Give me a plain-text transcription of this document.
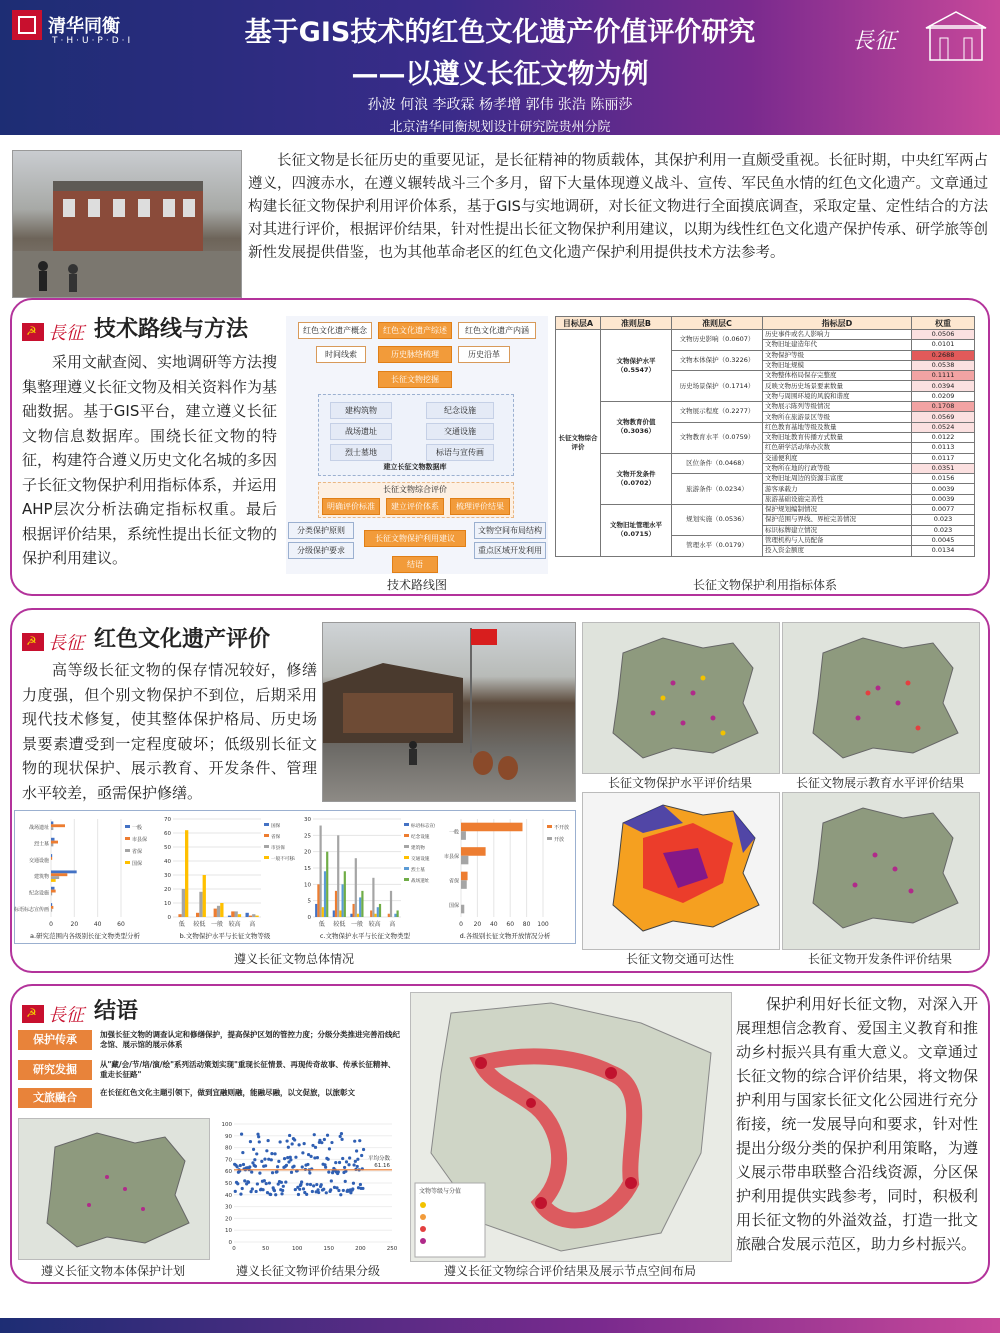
清华同衡
T·H·U·P·D·I	基于GIS技术的红色文化遗产价值评价研究
——以遵义长征文物为例
孙波 何浪 李政霖 杨孝增 郭伟 张浩 陈丽莎
北京清华同衡规划设计研究院贵州分院
長征
长征文物是长征历史的重要见证，是长征精神的物质载体，其保护利用一直颇受重视。长征时期，中央红军两占遵义，四渡赤水，在遵义辗转战斗三个多月，留下大量体现遵义战斗、宣传、军民鱼水情的红色文化遗产。文章通过构建长征文物保护利用评价体系，基于GIS与实地调研，对长征文物进行全面摸底调查，采取定量、定性结合的方法对其进行评价，根据评价结果，针对性提出长征文物保护利用建议，以期为线性红色文化遗产保护传承、研学旅等创新性发展提供借鉴，也为其他革命老区的红色文化遗产保护利用提供技术方法参考。
☭長征 技术路线与方法
采用文献查阅、实地调研等方法搜集整理遵义长征文物及相关资料作为基础数据。基于GIS平台，建立遵义长征文物信息数据库。围绕长征文物的特征，构建符合遵义历史文化名城的多因子长征文物保护利用指标体系，并运用AHP层次分析法确定指标权重。最后根据评价结果，系统性提出长征文物的保护利用建议。
红色文化遗产概念	红色文化遗产综述	红色文化遗产内涵
时间线索	历史脉络梳理	历史沿革
长征文物挖掘
建构筑物	纪念设施
战场遗址	交通设施
烈士墓地	标语与宣传画
建立长征文物数据库
长征文物综合评价
明确评价标准	建立评价体系	梳理评价结果
分类保护原则
分级保护要求
长征文物保护利用建议
文物空间布局结构
重点区域开发利用
结语
技术路线图
目标层A	准则层B	准则层C	指标层D	权重
长征文物综合评价	文物保护水平（0.5547）	文物历史影响（0.0607）	历史事件或名人影响力	0.0506
			文物旧址建造年代	0.0101
		文物本体保护（0.3226）	文物保护等级	0.2688
			文物旧址规模	0.0538
		历史场景保护（0.1714）	文物整体格局保存完整度	0.1111
			反映文物历史场景要素数量	0.0394
			文物与周围环境的风貌和谐度	0.0209
	文物教育价值（0.3036）	文物展示程度（0.2277）	文物展示陈列等级情况	0.1708
			文物所在旅游景区等级	0.0569
		文物教育水平（0.0759）	红色教育基地等级及数量	0.0524
			文物旧址教育传播方式数量	0.0122
			红色研学活动举办次数	0.0113
	文物开发条件（0.0702）	区位条件（0.0468）	交通便利度	0.0117
			文物所在地的行政等级	0.0351
		旅游条件（0.0234）	文物旧址周边的资源丰富度	0.0156
			游客承载力	0.0039
			旅游基础设施完善性	0.0039
	文物旧址管理水平（0.0715）	规划实施（0.0536）	保护规划编制情况	0.0077
			保护范围与界线、界桩完善情况	0.023
			标识标牌建立情况	0.023
		管理水平（0.0179）	管理机构与人员配备	0.0045
			投入资金额度	0.0134
长征文物保护利用指标体系
☭長征 红色文化遗产评价
高等级长征文物的保存情况较好，修缮力度强，但个别文物保护不到位，后期采用现代技术修复，使其整体保护格局、历史场景要素遭受到一定程度破坏；低级别长征文物的现状保护、展示教育、开发条件、管理水平较差，亟需保护修缮。
长征文物保护水平评价结果	长征文物展示教育水平评价结果
长征文物交通可达性	长征文物开发条件评价结果
0	20	40	60
战场遗址
烈士墓
交通设施
建筑物
纪念设施
标语标志宣传画
一般
市县保
省保
国保
0
10
20
30
40
50
60
70
低 较低 一般 较高 高
国保
省保
市县保
一般不可移动文物
0
5
10
15
20
25
30
低 较低 一般 较高 高
标语标志宣传画
纪念设施
建筑物
交通设施
烈士墓
战场遗址
0 20 40 60 80 100
一般
市县保
省保
国保
不开放
开放
a.研究范围内各级别长征文物类型分析	b.文物保护水平与长征文物等级	c.文物保护水平与长征文物类型	d.各级别长征文物开放情况分析
遵义长征文物总体情况
☭長征 结语
保护传承	加强长征文物的调查认定和修缮保护，提高保护区划的管控力度；分级分类推进完善沿线纪念馆、展示馆的展示体系
研究发掘	从"藏/会/节/培/演/绘"系列活动策划实现"重现长征情景、再现传奇故事、传承长征精神、重走长征路"
文旅融合	在长征红色文化主题引领下，做到宜融则融，能融尽融，以文促旅，以旅彰文
遵义长征文物本体保护计划
0
10
20
30
40
50
60
70
80
90
100
0	50	100	150	200	250
平均分数
61.16
遵义长征文物评价结果分级
文物等级与分值
遵义长征文物综合评价结果及展示节点空间布局
保护利用好长征文物，对深入开展理想信念教育、爱国主义教育和推动乡村振兴具有重大意义。文章通过长征文物的综合评价结果，将文物保护利用与国家长征文化公园进行充分衔接，统一发展导向和要求，针对性提出分级分类的保护利用策略，为遵义展示带串联整合沿线资源，分区保护利用提供实践参考，同时，积极利用长征文物的外溢效益，打造一批文旅融合发展示范区，助力乡村振兴。
